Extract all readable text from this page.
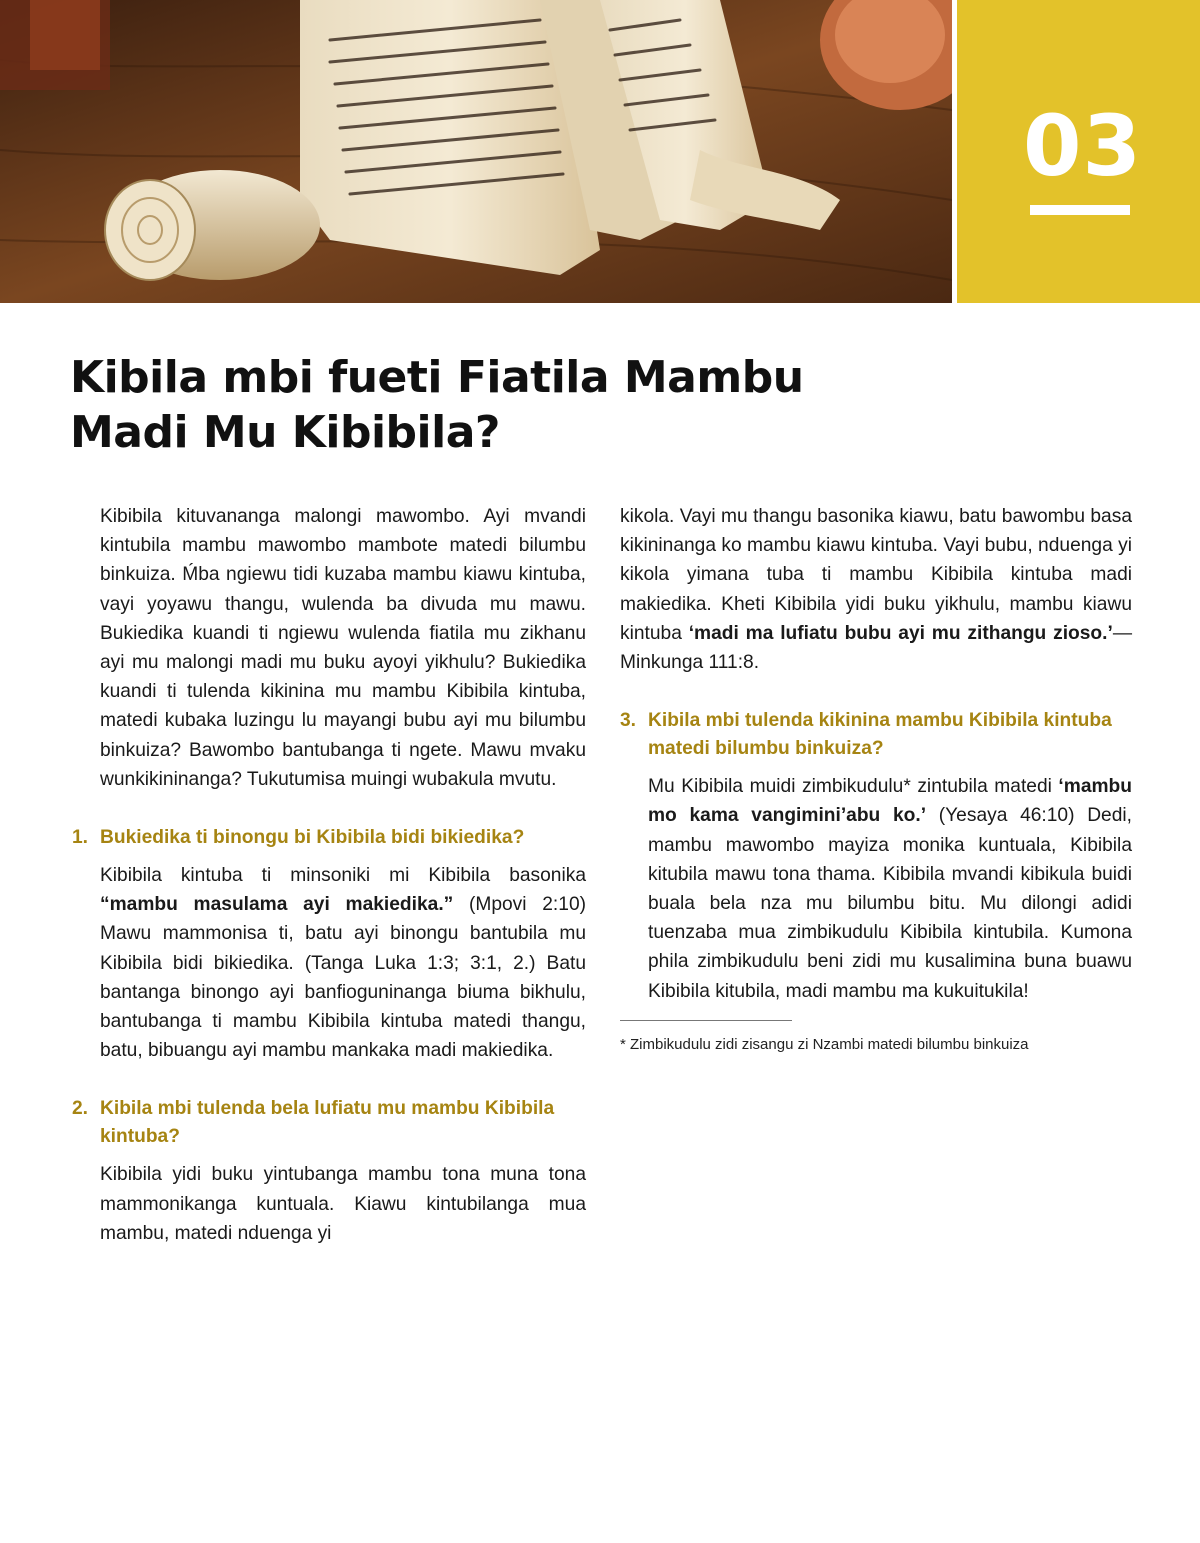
03
Kibila mbi fueti Fiatila Mambu
Madi Mu Kibibila?

Kibibila kituvananga malongi mawombo. Ayi mvandi kintubila mambu mawombo mambote matedi bilumbu binkuiza. Ḿba ngiewu tidi kuzaba mambu kiawu kintuba, vayi yoyawu thangu, wulenda ba divuda mu mawu. Bukiedika kuandi ti ngiewu wulenda fiatila mu zikhanu ayi mu malongi madi mu buku ayoyi yikhulu? Bukiedika kuandi ti tulenda kikinina mu mambu Kibibila kintuba, matedi kubaka luzingu lu mayangi bubu ayi mu bilumbu binkuiza? Bawombo bantubanga ti ngete. Mawu mvaku wunkikininanga? Tukutumisa muingi wubakula mvutu.

1. Bukiedika ti binongu bi Kibibila bidi bikiedika?

Kibibila kintuba ti minsoniki mi Kibibila basonika “mambu masulama ayi makiedika.” (Mpovi 2:10) Mawu mammonisa ti, batu ayi binongu bantubila mu Kibibila bidi bikiedika. (Tanga Luka 1:3; 3:1, 2.) Batu bantanga binongo ayi banfioguninanga biuma bikhulu, bantubanga ti mambu Kibibila kintuba matedi thangu, batu, bibuangu ayi mambu mankaka madi makiedika.

2. Kibila mbi tulenda bela lufiatu mu mambu Kibibila kintuba?

Kibibila yidi buku yintubanga mambu tona muna tona mammonikanga kuntuala. Kiawu kintubilanga mua mambu, matedi nduenga yi

kikola. Vayi mu thangu basonika kiawu, batu bawombu basa kikininanga ko mambu kiawu kintuba. Vayi bubu, nduenga yi kikola yimana tuba ti mambu Kibibila kintuba madi makiedika. Kheti Kibibila yidi buku yikhulu, mambu kiawu kintuba ‘madi ma lufiatu bubu ayi mu zithangu zioso.’—Minkunga 111:8.

3. Kibila mbi tulenda kikinina mambu Kibibila kintuba matedi bilumbu binkuiza?

Mu Kibibila muidi zimbikudulu* zintubila matedi ‘mambu mo kama vangimini’abu ko.’ (Yesaya 46:10) Dedi, mambu mawombo mayiza monika kuntuala, Kibibila kitubila mawu tona thama. Kibibila mvandi kibikula buidi buala bela nza mu bilumbu bitu. Mu dilongi adidi tuenzaba mua zimbikudulu Kibibila kintubila. Kumona phila zimbikudulu beni zidi mu kusalimina buna buawu Kibibila kitubila, madi mambu ma kukuitukila!

* Zimbikudulu zidi zisangu zi Nzambi matedi bilumbu binkuiza
